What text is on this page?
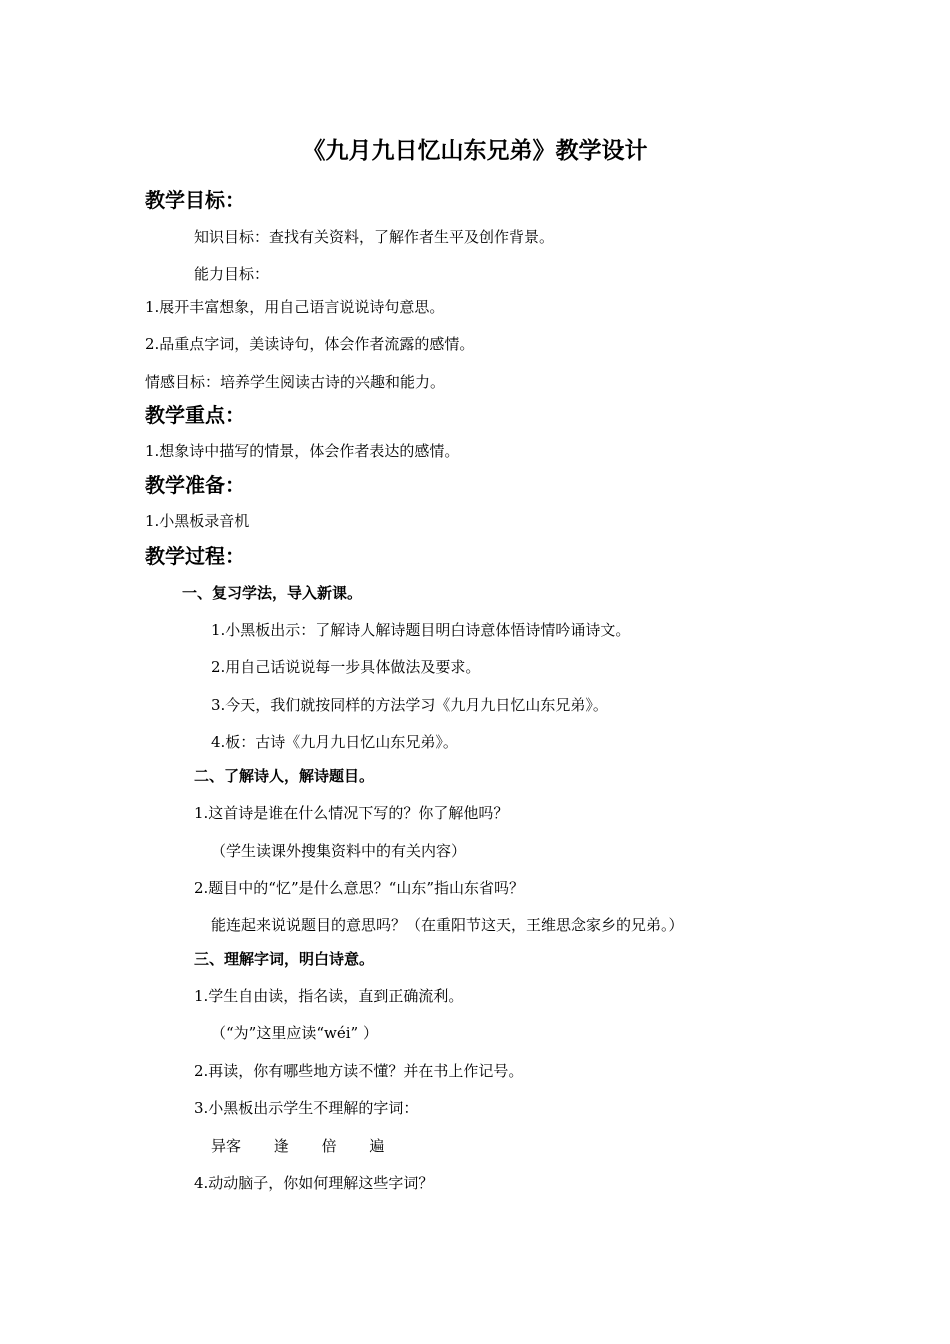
《九月九日忆山东兄弟》教学设计
教学目标：
知识目标：查找有关资料，了解作者生平及创作背景。
能力目标：
1.展开丰富想象，用自己语言说说诗句意思。
2.品重点字词，美读诗句，体会作者流露的感情。
情感目标：培养学生阅读古诗的兴趣和能力。
教学重点：
1.想象诗中描写的情景，体会作者表达的感情。
教学准备：
1.小黑板录音机
教学过程：
一、复习学法，导入新课。
1.小黑板出示：了解诗人解诗题目明白诗意体悟诗情吟诵诗文。
2.用自己话说说每一步具体做法及要求。
3.今天，我们就按同样的方法学习《九月九日忆山东兄弟》。
4.板：古诗《九月九日忆山东兄弟》。
二、了解诗人，解诗题目。
1.这首诗是谁在什么情况下写的？你了解他吗？
（学生读课外搜集资料中的有关内容）
2.题目中的“忆”是什么意思？“山东”指山东省吗？
能连起来说说题目的意思吗？（在重阳节这天，王维思念家乡的兄弟。）
三、理解字词，明白诗意。
1.学生自由读，指名读，直到正确流利。
（“为”这里应读“wéi” ）
2.再读，你有哪些地方读不懂？并在书上作记号。
3.小黑板出示学生不理解的字词：
异客 逢 倍 遍
4.动动脑子，你如何理解这些字词？
